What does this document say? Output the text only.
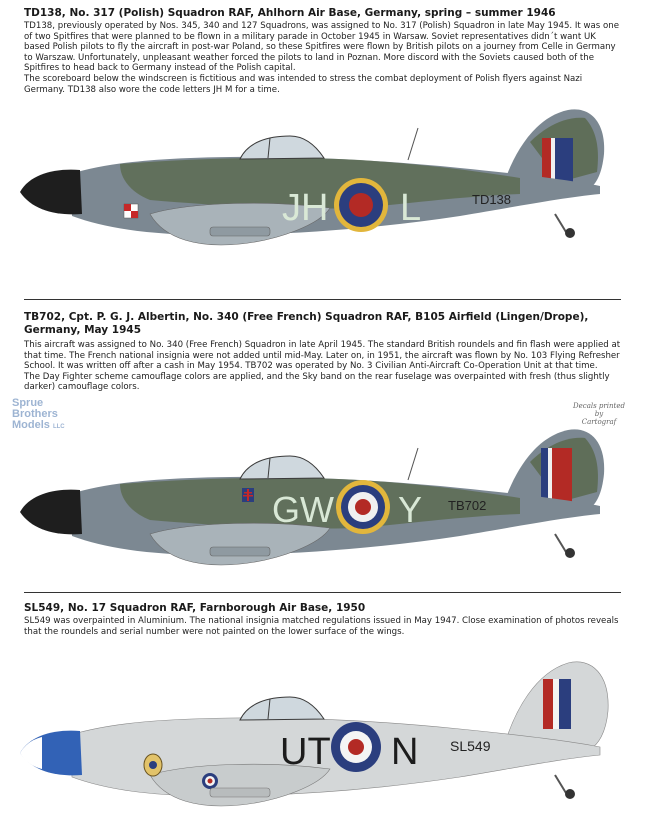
TD138, No. 317 (Polish) Squadron RAF, Ahlhorn Air Base, Germany, spring – summer 1946

TD138, previously operated by Nos. 345, 340 and 127 Squadrons, was assigned to No. 317 (Polish) Squadron in late May 1945. It was one of two Spitfires that were planned to be flown in a military parade in October 1945 in Warsaw. Soviet representatives didn´t want UK based Polish pilots to fly the aircraft in post-war Poland, so these Spitfires were flown by British pilots on a journey from Celle in Germany to Warszaw. Unfortunately, unpleasant weather forced the pilots to land in Poznan. More discord with the Soviets caused both of the Spitfires to head back to Germany instead of the Polish capital.

The scoreboard below the windscreen is fictitious and was intended to stress the combat deployment of Polish flyers against Nazi Germany. TD138 also wore the code letters JH M for a time.

JH L	TD138
TB702, Cpt. P. G. J. Albertin, No. 340 (Free French) Squadron RAF, B105 Airfield (Lingen/Drope), Germany, May 1945

This aircraft was assigned to No. 340 (Free French) Squadron in late April 1945. The standard British roundels and fin flash were applied at that time. The French national insignia were not added until mid-May. Later on, in 1951, the aircraft was flown by No. 103 Flying Refresher School. It was written off after a cash in May 1954. TB702 was operated by No. 3 Civilian Anti-Aircraft Co-Operation Unit at that time.

The Day Fighter scheme camouflage colors are applied, and the Sky band on the rear fuselage was overpainted with fresh (thus slightly darker) camouflage colors.

Sprue
Brothers
Models LLC
Decals printed
by
Cartograf
GW Y TB702
SL549, No. 17 Squadron RAF, Farnborough Air Base, 1950

SL549 was overpainted in Aluminium. The national insignia matched regulations issued in May 1947. Close examination of photos reveals that the roundels and serial number were not painted on the lower surface of the wings.

UT N SL549
